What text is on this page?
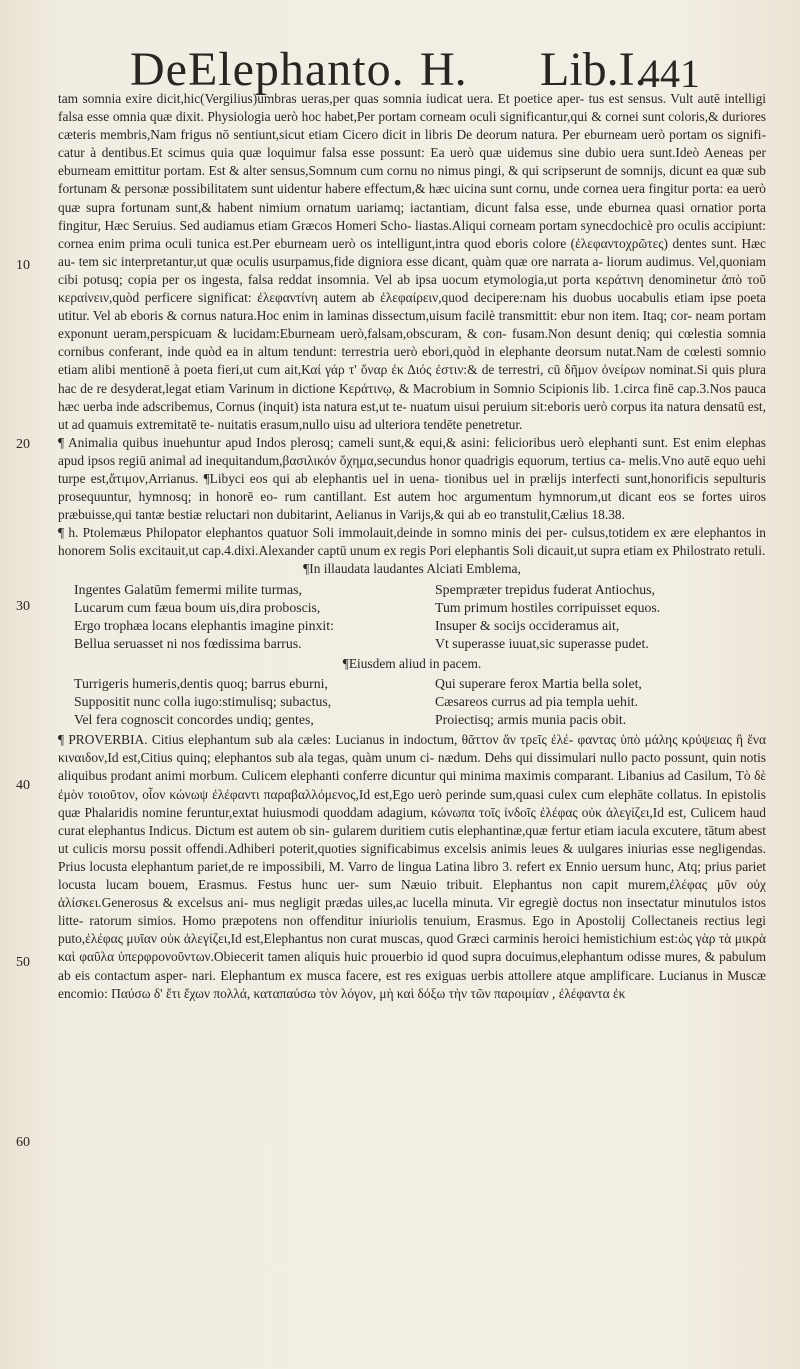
DeElephanto. H. Lib.I.
441
10
20
30
40
50
60

tam somnia exire dicit,hic(Vergilius)umbras ueras,per quas somnia iudicat uera. Et poetice aper- tus est sensus. Vult autē intelligi falsa esse omnia quæ dixit. Physiologia uerò hoc habet,Per portam corneam oculi significantur,qui & cornei sunt coloris,& duriores cæteris membris,Nam frigus nō sentiunt,sicut etiam Cicero dicit in libris De deorum natura. Per eburneam uerò portam os signifi- catur à dentibus.Et scimus quia quæ loquimur falsa esse possunt: Ea uerò quæ uidemus sine dubio uera sunt.Ideò Aeneas per eburneam emittitur portam. Est & alter sensus,Somnum cum cornu no nimus pingi, & qui scripserunt de somnijs, dicunt ea quæ sub fortunam & personæ possibilitatem sunt uidentur habere effectum,& hæc uicina sunt cornu, unde cornea uera fingitur porta: ea uerò quæ supra fortunam sunt,& habent nimium ornatum uariamq; iactantiam, dicunt falsa esse, unde eburnea quasi ornatior porta fingitur, Hæc Seruius. Sed audiamus etiam Græcos Homeri Scho- liastas.Aliqui corneam portam synecdochicè pro oculis accipiunt: cornea enim prima oculi tunica est.Per eburneam uerò os intelligunt,intra quod eboris colore (ἐλεφαντοχρῶτες) dentes sunt. Hæc au- tem sic interpretantur,ut quæ oculis usurpamus,fide digniora esse dicant, quàm quæ ore narrata a- liorum audimus. Vel,quoniam cibi potusq; copia per os ingesta, falsa reddat insomnia. Vel ab ipsa uocum etymologia,ut porta κεράτινη denominetur ἀπὸ τοῦ κεραίνειν,quòd perficere significat: ἐλεφαντίνη autem ab ἐλεφαίρειν,quod decipere:nam his duobus uocabulis etiam ipse poeta utitur. Vel ab eboris & cornus natura.Hoc enim in laminas dissectum,uisum facilè transmittit: ebur non item. Itaq; cor- neam portam exponunt ueram,perspicuam & lucidam:Eburneam uerò,falsam,obscuram, & con- fusam.Non desunt deniq; qui cœlestia somnia cornibus conferant, inde quòd ea in altum tendunt: terrestria uerò ebori,quòd in elephante deorsum nutat.Nam de cœlesti somnio etiam alibi mentionē à poeta fieri,ut cum ait,Καί γάρ τ' ὄναρ ἐκ Διός ἐστιν:& de terrestri, cū δῆμον ὀνείρων nominat.Si quis plura hac de re desyderat,legat etiam Varinum in dictione Κεράτινῳ, & Macrobium in Somnio Scipionis lib. 1.circa finē cap.3.Nos pauca hæc uerba inde adscribemus, Cornus (inquit) ista natura est,ut te- nuatum uisui peruium sit:eboris uerò corpus ita natura densatū est, ut ad quamuis extremitatē te- nuitatis erasum,nullo uisu ad ulteriora tendēte penetretur.

¶ Animalia quibus inuehuntur apud Indos plerosq; cameli sunt,& equi,& asini: felicioribus uerò elephanti sunt. Est enim elephas apud ipsos regiū animal ad inequitandum,βασιλικόν ὄχημα,secundus honor quadrigis equorum, tertius ca- melis.Vno autē equo uehi turpe est,ἄτιμον,Arrianus. ¶Libyci eos qui ab elephantis uel in uena- tionibus uel in prælijs interfecti sunt,honorificis sepulturis prosequuntur, hymnosq; in honorē eo- rum cantillant. Est autem hoc argumentum hymnorum,ut dicant eos se fortes uiros præbuisse,qui tantæ bestiæ reluctari non dubitarint, Aelianus in Varijs,& qui ab eo transtulit,Cælius 18.38.

¶ h. Ptolemæus Philopator elephantos quatuor Soli immolauit,deinde in somno minis dei per- culsus,totidem ex ære elephantos in honorem Solis excitauit,ut cap.4.dixi.Alexander captū unum ex regis Pori elephantis Soli dicauit,ut supra etiam ex Philostrato retuli.

¶In illaudata laudantes Alciati Emblema,

Ingentes Galatūm femermi milite turmas,	Spempræter trepidus fuderat Antiochus,
Lucarum cum fæua boum uis,dira proboscis,	Tum primum hostiles corripuisset equos.
Ergo trophæa locans elephantis imagine pinxit:	Insuper & socijs occideramus ait,
Bellua seruasset ni nos fœdissima barrus.	Vt superasse iuuat,sic superasse pudet.

¶Eiusdem aliud in pacem.

Turrigeris humeris,dentis quoq; barrus eburni,	Qui superare ferox Martia bella solet,
Suppositit nunc colla iugo:stimulisq; subactus,	Cæsareos currus ad pia templa uehit.
Vel fera cognoscit concordes undiq; gentes,	Proiectisq; armis munia pacis obit.

¶ PROVERBIA. Citius elephantum sub ala cæles: Lucianus in indoctum, θᾶττον ἄν τρεῖς ἐλέ- φαντας ὑπὸ μάλης κρύψειας ἢ ἕνα κιναιδον,Id est,Citius quinq; elephantos sub ala tegas, quàm unum ci- nædum. Dehs qui dissimulari nullo pacto possunt, quin notis aliquibus prodant animi morbum. Culicem elephanti conferre dicuntur qui minima maximis comparant. Libanius ad Casilum, Τὸ δὲ ἐμὸν τοιοῦτον, οἷον κώνωψ ἐλέφαντι παραβαλλόμενος,Id est,Ego uerò perinde sum,quasi culex cum elephāte collatus. In epistolis quæ Phalaridis nomine feruntur,extat huiusmodi quoddam adagium, κώνωπα τοῖς ἰνδοῖς ἐλέφας οὐκ ἀλεγίζει,Id est, Culicem haud curat elephantus Indicus. Dictum est autem ob sin- gularem duritiem cutis elephantinæ,quæ fertur etiam iacula excutere, tātum abest ut culicis morsu possit offendi.Adhiberi poterit,quoties significabimus excelsis animis leues & uulgares iniurias esse negligendas. Prius locusta elephantum pariet,de re impossibili, M. Varro de lingua Latina libro 3. refert ex Ennio uersum hunc, Atq; prius pariet locusta lucam bouem, Erasmus. Festus hunc uer- sum Næuio tribuit. Elephantus non capit murem,ἐλέφας μῦν οὐχ ἁλίσκει.Generosus & excelsus ani- mus negligit prædas uiles,ac lucella minuta. Vir egregiè doctus non insectatur minutulos istos litte- ratorum simios. Homo præpotens non offenditur iniuriolis tenuium, Erasmus. Ego in Apostolij Collectaneis rectius legi puto,ἐλέφας μυῖαν οὐκ ἀλεγίζει,Id est,Elephantus non curat muscas, quod Græci carminis heroici hemistichium est:ὡς γὰρ τὰ μικρὰ καὶ φαῦλα ὑπερφρονοῦντων.Obiecerit tamen aliquis huic prouerbio id quod supra docuimus,elephantum odisse mures, & pabulum ab eis contactum asper- nari. Elephantum ex musca facere, est res exiguas uerbis attollere atque amplificare. Lucianus in Muscæ encomio: Παύσω δ' ἔτι ἔχων πολλά, καταπαύσω τὸν λόγον, μὴ καὶ δόξω τὴν τῶν παροιμίαν , ἐλέφαντα ἐκ
